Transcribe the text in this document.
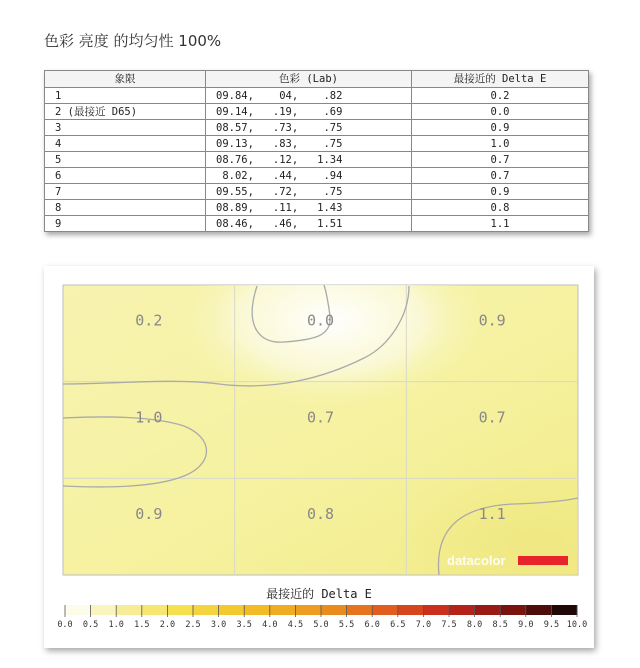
色彩 亮度 的均匀性 100%
象限	色彩 (Lab)	最接近的 Delta E
1	09.84,    04,    .82	0.2
2 (最接近 D65)	09.14,   .19,    .69	0.0
3	08.57,   .73,    .75	0.9
4	09.13,   .83,    .75	1.0
5	08.76,   .12,   1.34	0.7
6	8.02,   .44,    .94	0.7
7	09.55,   .72,    .75	0.9
8	08.89,   .11,   1.43	0.8
9	08.46,   .46,   1.51	1.1
0.2	0.0	0.9
1.0	0.7	0.7
0.9	0.8	1.1
datacolor
最接近的 Delta E
0.0 0.5 1.0 1.5 2.0 2.5 3.0 3.5 4.0 4.5 5.0 5.5 6.0 6.5 7.0 7.5 8.0 8.5 9.0 9.5 10.0
